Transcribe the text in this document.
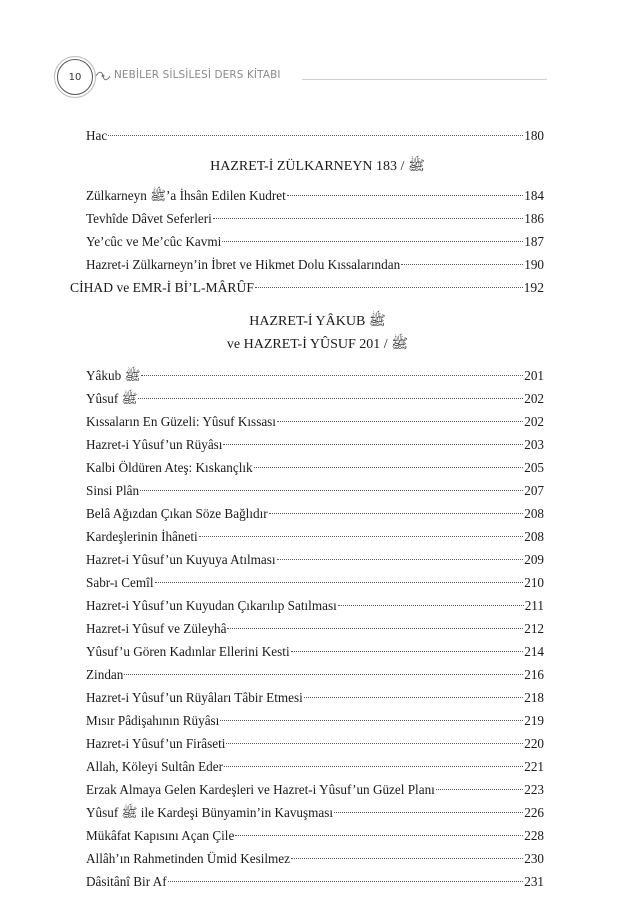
10	NEBİLER SİLSİLESİ DERS KİTABI
Hac	180
HAZRET-İ ZÜLKARNEYN ﷺ / 183
Zülkarneyn ﷺ’a İhsân Edilen Kudret	184
Tevhîde Dâvet Seferleri	186
Ye’cûc ve Me’cûc Kavmi	187
Hazret-i Zülkarneyn’in İbret ve Hikmet Dolu Kıssalarından	190
CİHAD ve EMR-İ Bİ’L-MÂRÛF	192
HAZRET-İ YÂKUB ﷺ
ve HAZRET-İ YÛSUF ﷺ / 201
Yâkub ﷺ	201
Yûsuf ﷺ	202
Kıssaların En Güzeli: Yûsuf Kıssası	202
Hazret-i Yûsuf’un Rüyâsı	203
Kalbi Öldüren Ateş: Kıskançlık	205
Sinsi Plân	207
Belâ Ağızdan Çıkan Söze Bağlıdır	208
Kardeşlerinin İhâneti	208
Hazret-i Yûsuf’un Kuyuya Atılması	209
Sabr-ı Cemîl	210
Hazret-i Yûsuf’un Kuyudan Çıkarılıp Satılması	211
Hazret-i Yûsuf ve Züleyhâ	212
Yûsuf’u Gören Kadınlar Ellerini Kesti	214
Zindan	216
Hazret-i Yûsuf’un Rüyâları Tâbir Etmesi	218
Mısır Pâdişahının Rüyâsı	219
Hazret-i Yûsuf’un Firâseti	220
Allah, Köleyi Sultân Eder	221
Erzak Almaya Gelen Kardeşleri ve Hazret-i Yûsuf’un Güzel Planı	223
Yûsuf ﷺ ile Kardeşi Bünyamin’in Kavuşması	226
Mükâfat Kapısını Açan Çile	228
Allâh’ın Rahmetinden Ümid Kesilmez	230
Dâsitânî Bir Af	231
